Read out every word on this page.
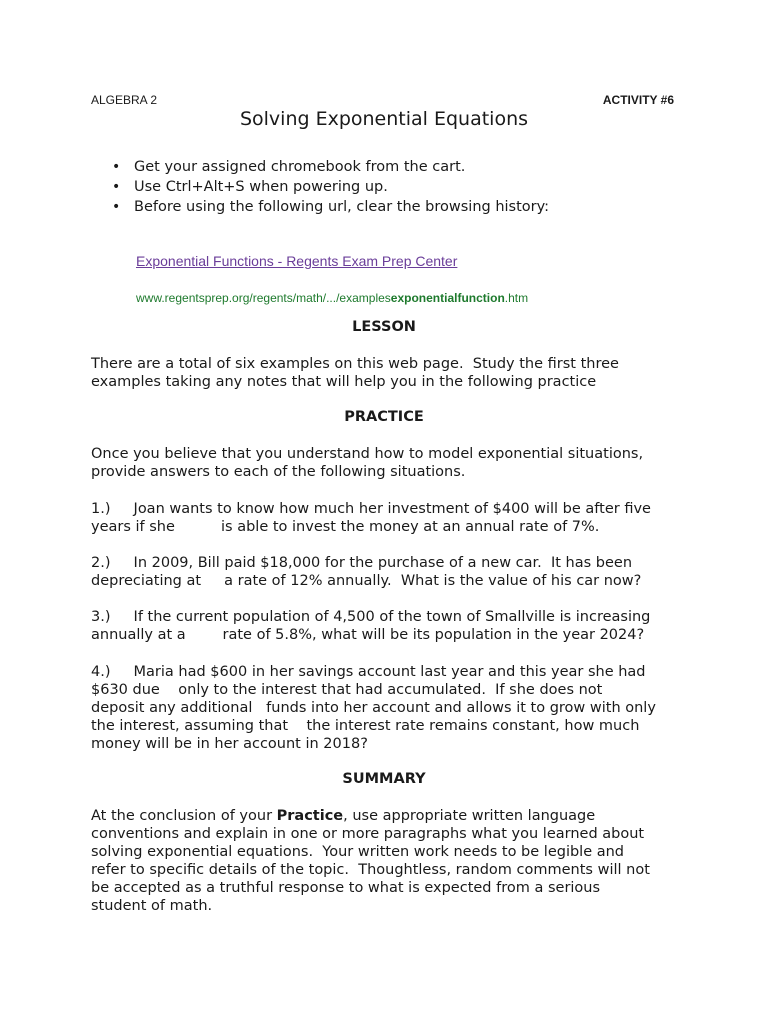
ALGEBRA 2	ACTIVITY #6
Solving Exponential Equations
• Get your assigned chromebook from the cart.
• Use Ctrl+Alt+S when powering up.
• Before using the following url, clear the browsing history:
Exponential Functions - Regents Exam Prep Center
www.regentsprep.org/regents/math/.../examplesexponentialfunction.htm
LESSON
There are a total of six examples on this web page.  Study the first three
examples taking any notes that will help you in the following practice
PRACTICE
Once you believe that you understand how to model exponential situations,
provide answers to each of the following situations.
1.)     Joan wants to know how much her investment of $400 will be after five
years if she          is able to invest the money at an annual rate of 7%.
2.)     In 2009, Bill paid $18,000 for the purchase of a new car.  It has been
depreciating at     a rate of 12% annually.  What is the value of his car now?
3.)     If the current population of 4,500 of the town of Smallville is increasing
annually at a        rate of 5.8%, what will be its population in the year 2024?
4.)     Maria had $600 in her savings account last year and this year she had
$630 due    only to the interest that had accumulated.  If she does not
deposit any additional   funds into her account and allows it to grow with only
the interest, assuming that    the interest rate remains constant, how much
money will be in her account in 2018?
SUMMARY
At the conclusion of your Practice, use appropriate written language
conventions and explain in one or more paragraphs what you learned about
solving exponential equations.  Your written work needs to be legible and
refer to specific details of the topic.  Thoughtless, random comments will not
be accepted as a truthful response to what is expected from a serious
student of math.
